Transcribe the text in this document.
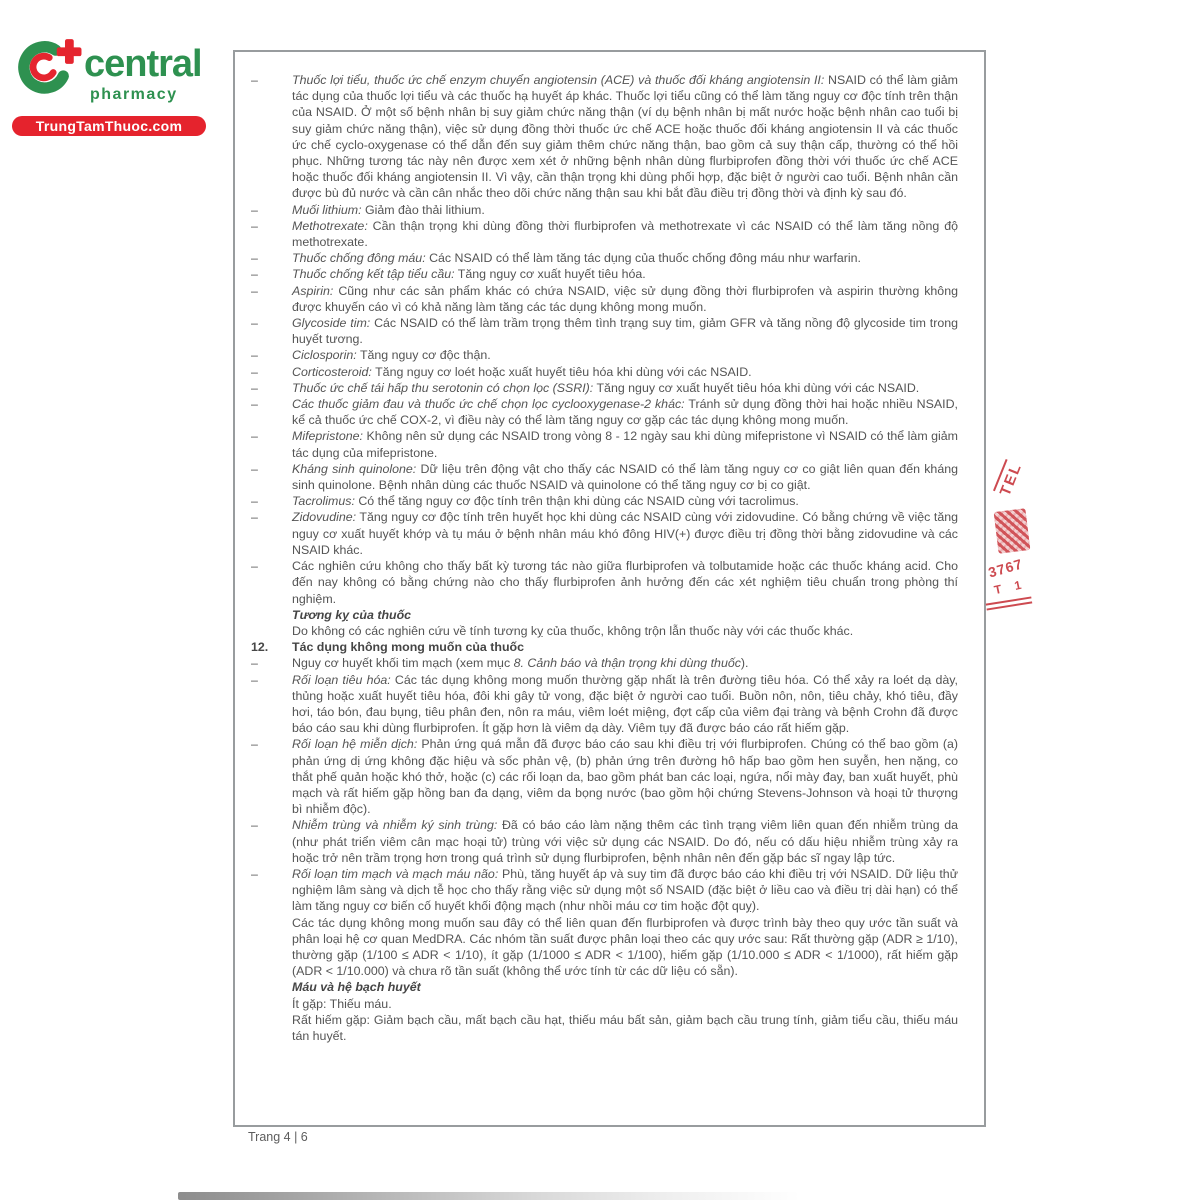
central
pharmacy
TrungTamThuoc.com
–	Thuốc lợi tiểu, thuốc ức chế enzym chuyển angiotensin (ACE) và thuốc đối kháng angiotensin II: NSAID có thể làm giảm tác dụng của thuốc lợi tiểu và các thuốc hạ huyết áp khác. Thuốc lợi tiểu cũng có thể làm tăng nguy cơ độc tính trên thận của NSAID. Ở một số bệnh nhân bị suy giảm chức năng thận (ví dụ bệnh nhân bị mất nước hoặc bệnh nhân cao tuổi bị suy giảm chức năng thận), việc sử dụng đồng thời thuốc ức chế ACE hoặc thuốc đối kháng angiotensin II và các thuốc ức chế cyclo-oxygenase có thể dẫn đến suy giảm thêm chức năng thận, bao gồm cả suy thận cấp, thường có thể hồi phục. Những tương tác này nên được xem xét ở những bệnh nhân dùng flurbiprofen đồng thời với thuốc ức chế ACE hoặc thuốc đối kháng angiotensin II. Vì vậy, cần thận trọng khi dùng phối hợp, đặc biệt ở người cao tuổi. Bệnh nhân cần được bù đủ nước và cần cân nhắc theo dõi chức năng thận sau khi bắt đầu điều trị đồng thời và định kỳ sau đó.
–	Muối lithium: Giảm đào thải lithium.
–	Methotrexate: Cần thận trọng khi dùng đồng thời flurbiprofen và methotrexate vì các NSAID có thể làm tăng nồng độ methotrexate.
–	Thuốc chống đông máu: Các NSAID có thể làm tăng tác dụng của thuốc chống đông máu như warfarin.
–	Thuốc chống kết tập tiểu cầu: Tăng nguy cơ xuất huyết tiêu hóa.
–	Aspirin: Cũng như các sản phẩm khác có chứa NSAID, việc sử dụng đồng thời flurbiprofen và aspirin thường không được khuyến cáo vì có khả năng làm tăng các tác dụng không mong muốn.
–	Glycoside tim: Các NSAID có thể làm trầm trọng thêm tình trạng suy tim, giảm GFR và tăng nồng độ glycoside tim trong huyết tương.
–	Ciclosporin: Tăng nguy cơ độc thận.
–	Corticosteroid: Tăng nguy cơ loét hoặc xuất huyết tiêu hóa khi dùng với các NSAID.
–	Thuốc ức chế tái hấp thu serotonin có chọn lọc (SSRI): Tăng nguy cơ xuất huyết tiêu hóa khi dùng với các NSAID.
–	Các thuốc giảm đau và thuốc ức chế chọn lọc cyclooxygenase-2 khác: Tránh sử dụng đồng thời hai hoặc nhiều NSAID, kể cả thuốc ức chế COX-2, vì điều này có thể làm tăng nguy cơ gặp các tác dụng không mong muốn.
–	Mifepristone: Không nên sử dụng các NSAID trong vòng 8 - 12 ngày sau khi dùng mifepristone vì NSAID có thể làm giảm tác dụng của mifepristone.
–	Kháng sinh quinolone: Dữ liệu trên động vật cho thấy các NSAID có thể làm tăng nguy cơ co giật liên quan đến kháng sinh quinolone. Bệnh nhân dùng các thuốc NSAID và quinolone có thể tăng nguy cơ bị co giật.
–	Tacrolimus: Có thể tăng nguy cơ độc tính trên thận khi dùng các NSAID cùng với tacrolimus.
–	Zidovudine: Tăng nguy cơ độc tính trên huyết học khi dùng các NSAID cùng với zidovudine. Có bằng chứng về việc tăng nguy cơ xuất huyết khớp và tụ máu ở bệnh nhân máu khó đông HIV(+) được điều trị đồng thời bằng zidovudine và các NSAID khác.
–	Các nghiên cứu không cho thấy bất kỳ tương tác nào giữa flurbiprofen và tolbutamide hoặc các thuốc kháng acid. Cho đến nay không có bằng chứng nào cho thấy flurbiprofen ảnh hưởng đến các xét nghiệm tiêu chuẩn trong phòng thí nghiệm.
Tương kỵ của thuốc
Do không có các nghiên cứu về tính tương kỵ của thuốc, không trộn lẫn thuốc này với các thuốc khác.
12.	Tác dụng không mong muốn của thuốc
–	Nguy cơ huyết khối tim mạch (xem mục 8. Cảnh báo và thận trọng khi dùng thuốc).
–	Rối loạn tiêu hóa: Các tác dụng không mong muốn thường gặp nhất là trên đường tiêu hóa. Có thể xảy ra loét dạ dày, thủng hoặc xuất huyết tiêu hóa, đôi khi gây tử vong, đặc biệt ở người cao tuổi. Buồn nôn, nôn, tiêu chảy, khó tiêu, đầy hơi, táo bón, đau bụng, tiêu phân đen, nôn ra máu, viêm loét miệng, đợt cấp của viêm đại tràng và bệnh Crohn đã được báo cáo sau khi dùng flurbiprofen. Ít gặp hơn là viêm dạ dày. Viêm tụy đã được báo cáo rất hiếm gặp.
–	Rối loạn hệ miễn dịch: Phản ứng quá mẫn đã được báo cáo sau khi điều trị với flurbiprofen. Chúng có thể bao gồm (a) phản ứng dị ứng không đặc hiệu và sốc phản vệ, (b) phản ứng trên đường hô hấp bao gồm hen suyễn, hen nặng, co thắt phế quản hoặc khó thở, hoặc (c) các rối loạn da, bao gồm phát ban các loại, ngứa, nổi mày đay, ban xuất huyết, phù mạch và rất hiếm gặp hồng ban đa dạng, viêm da bọng nước (bao gồm hội chứng Stevens-Johnson và hoại tử thượng bì nhiễm độc).
–	Nhiễm trùng và nhiễm ký sinh trùng: Đã có báo cáo làm nặng thêm các tình trạng viêm liên quan đến nhiễm trùng da (như phát triển viêm cân mạc hoại tử) trùng với việc sử dụng các NSAID. Do đó, nếu có dấu hiệu nhiễm trùng xảy ra hoặc trở nên trầm trọng hơn trong quá trình sử dụng flurbiprofen, bệnh nhân nên đến gặp bác sĩ ngay lập tức.
–	Rối loạn tim mạch và mạch máu não: Phù, tăng huyết áp và suy tim đã được báo cáo khi điều trị với NSAID. Dữ liệu thử nghiệm lâm sàng và dịch tễ học cho thấy rằng việc sử dụng một số NSAID (đặc biệt ở liều cao và điều trị dài hạn) có thể làm tăng nguy cơ biến cố huyết khối động mạch (như nhồi máu cơ tim hoặc đột quỵ).
Các tác dụng không mong muốn sau đây có thể liên quan đến flurbiprofen và được trình bày theo quy ước tần suất và phân loại hệ cơ quan MedDRA. Các nhóm tần suất được phân loại theo các quy ước sau: Rất thường gặp (ADR ≥ 1/10), thường gặp (1/100 ≤ ADR < 1/10), ít gặp (1/1000 ≤ ADR < 1/100), hiếm gặp (1/10.000 ≤ ADR < 1/1000), rất hiếm gặp (ADR < 1/10.000) và chưa rõ tần suất (không thể ước tính từ các dữ liệu có sẵn).
Máu và hệ bạch huyết
Ít gặp: Thiếu máu.
Rất hiếm gặp: Giảm bạch cầu, mất bạch cầu hạt, thiếu máu bất sản, giảm bạch cầu trung tính, giảm tiểu cầu, thiếu máu tán huyết.
TEL
3767
T 1
Trang 4 | 6
